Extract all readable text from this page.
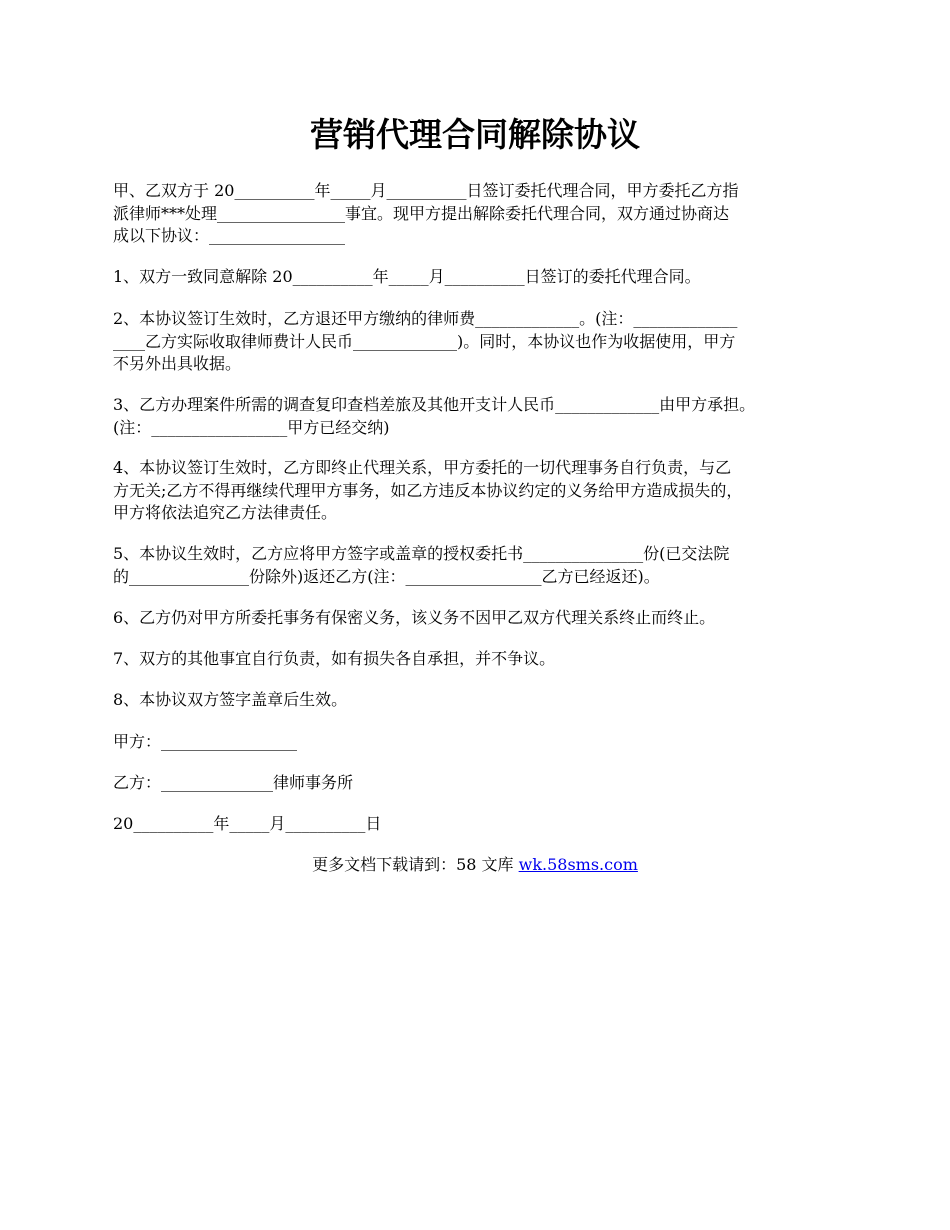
营销代理合同解除协议
甲、乙双方于 20__________年_____月__________日签订委托代理合同，甲方委托乙方指
派律师***处理________________事宜。现甲方提出解除委托代理合同，双方通过协商达
成以下协议：_________________
1、双方一致同意解除 20__________年_____月__________日签订的委托代理合同。
2、本协议签订生效时，乙方退还甲方缴纳的律师费_____________。(注：_____________
____乙方实际收取律师费计人民币_____________)。同时，本协议也作为收据使用，甲方
不另外出具收据。
3、乙方办理案件所需的调查复印查档差旅及其他开支计人民币_____________由甲方承担。
(注：_________________甲方已经交纳)
4、本协议签订生效时，乙方即终止代理关系，甲方委托的一切代理事务自行负责，与乙
方无关;乙方不得再继续代理甲方事务，如乙方违反本协议约定的义务给甲方造成损失的，
甲方将依法追究乙方法律责任。
5、本协议生效时，乙方应将甲方签字或盖章的授权委托书_______________份(已交法院
的_______________份除外)返还乙方(注：_________________乙方已经返还)。
6、乙方仍对甲方所委托事务有保密义务，该义务不因甲乙双方代理关系终止而终止。
7、双方的其他事宜自行负责，如有损失各自承担，并不争议。
8、本协议双方签字盖章后生效。
甲方：_________________
乙方：______________律师事务所
20__________年_____月__________日
更多文档下载请到：58 文库 wk.58sms.com
